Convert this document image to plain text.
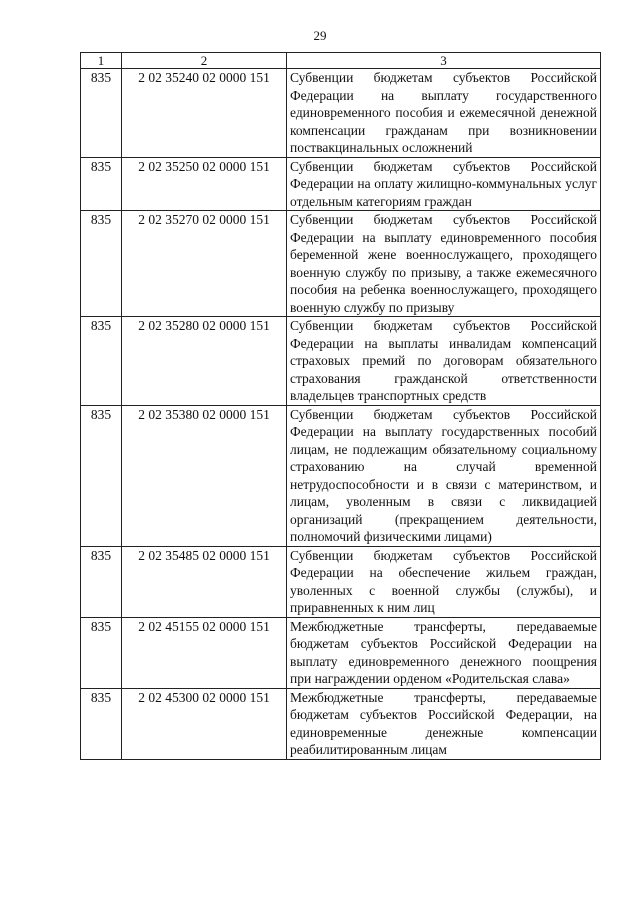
29
1	2	3
835	2 02 35240 02 0000 151	Субвенции бюджетам субъектов Российской Федерации на выплату государственного единовременного пособия и ежемесячной денежной компенсации гражданам при возникновении поствакцинальных осложнений
835	2 02 35250 02 0000 151	Субвенции бюджетам субъектов Российской Федерации на оплату жилищно-коммунальных услуг отдельным категориям граждан
835	2 02 35270 02 0000 151	Субвенции бюджетам субъектов Российской Федерации на выплату единовременного пособия беременной жене военнослужащего, проходящего военную службу по призыву, а также ежемесячного пособия на ребенка военнослужащего, проходящего военную службу по призыву
835	2 02 35280 02 0000 151	Субвенции бюджетам субъектов Российской Федерации на выплаты инвалидам компенсаций страховых премий по договорам обязательного страхования гражданской ответственности владельцев транспортных средств
835	2 02 35380 02 0000 151	Субвенции бюджетам субъектов Российской Федерации на выплату государственных пособий лицам, не подлежащим обязательному социальному страхованию на случай временной нетрудоспособности и в связи с материнством, и лицам, уволенным в связи с ликвидацией организаций (прекращением деятельности, полномочий физическими лицами)
835	2 02 35485 02 0000 151	Субвенции бюджетам субъектов Российской Федерации на обеспечение жильем граждан, уволенных с военной службы (службы), и приравненных к ним лиц
835	2 02 45155 02 0000 151	Межбюджетные трансферты, передаваемые бюджетам субъектов Российской Федерации на выплату единовременного денежного поощрения при награждении орденом «Родительская слава»
835	2 02 45300 02 0000 151	Межбюджетные трансферты, передаваемые бюджетам субъектов Российской Федерации, на единовременные денежные компенсации реабилитированным лицам
